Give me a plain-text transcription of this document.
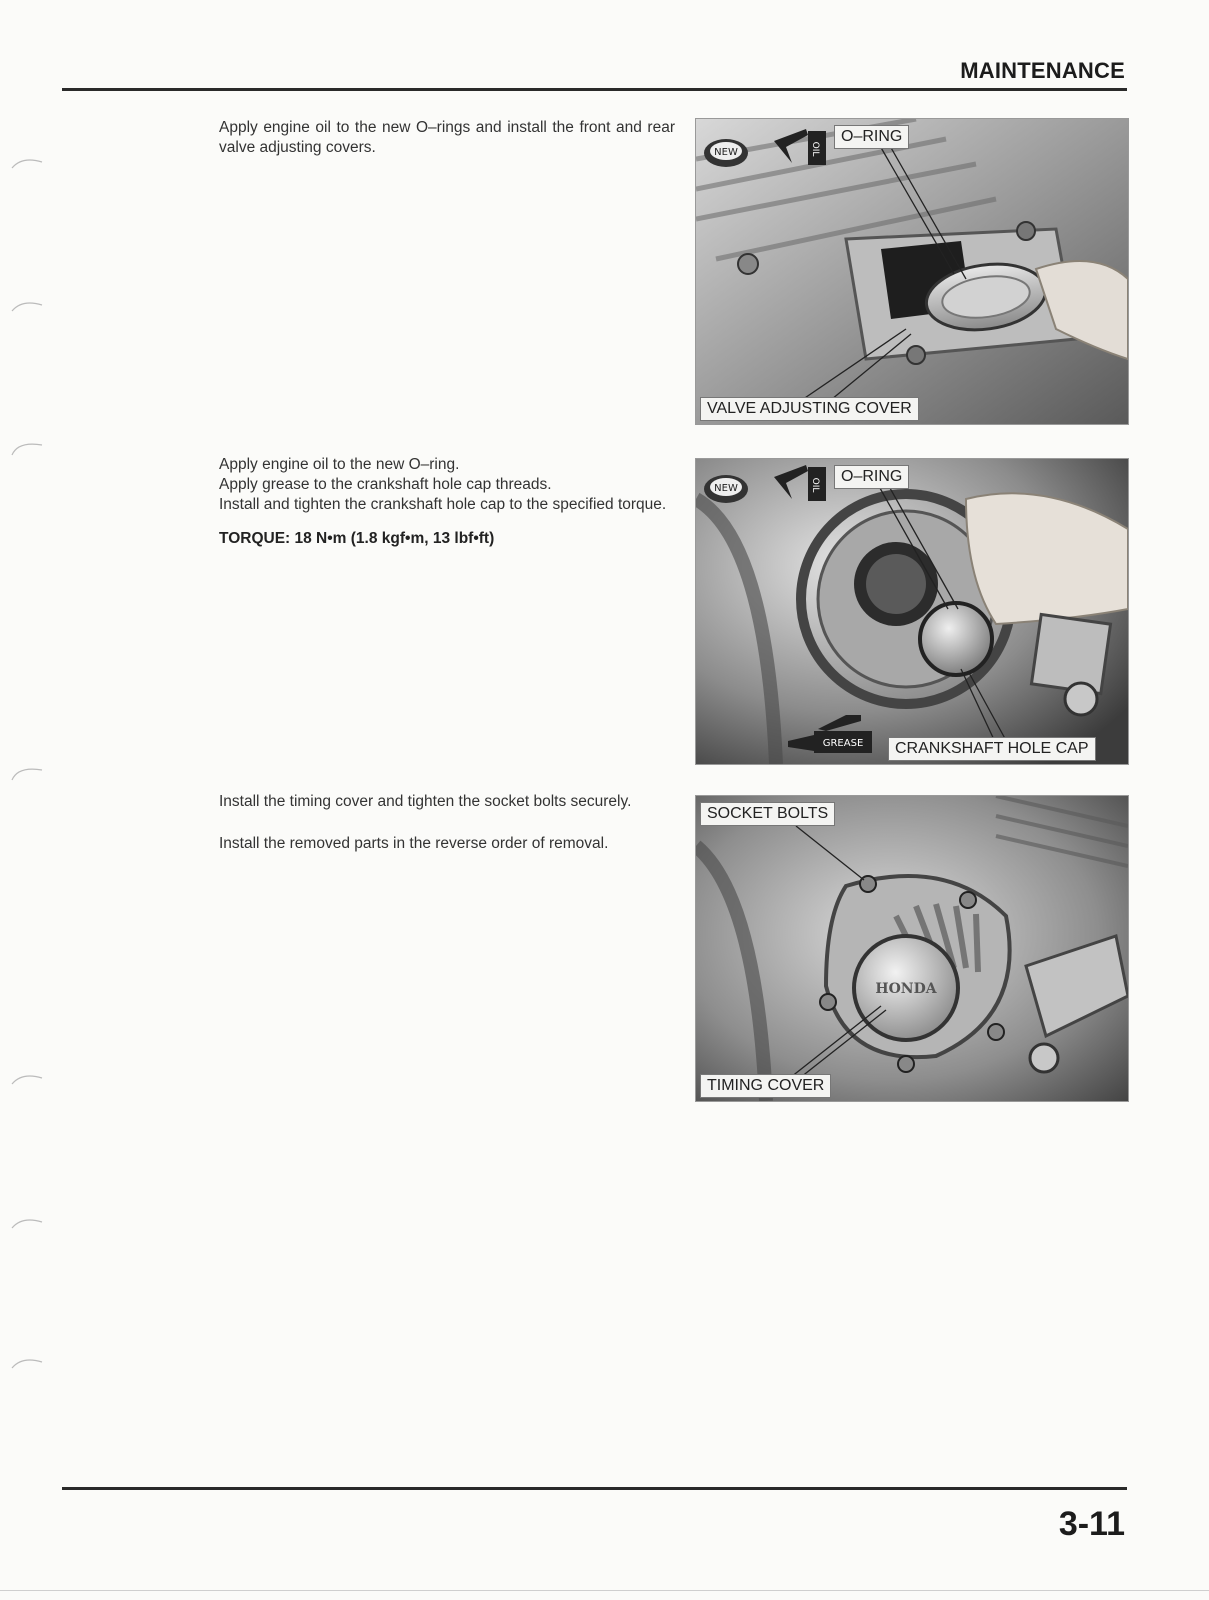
MAINTENANCE

Apply engine oil to the new O–rings and install the front and rear valve adjusting covers.	NEW	OIL
O–RING
VALVE ADJUSTING COVER

Apply engine oil to the new O–ring.

Apply grease to the crankshaft hole cap threads.

Install and tighten the crankshaft hole cap to the specified torque.

TORQUE: 18 N•m (1.8 kgf•m, 13 lbf•ft)

NEW	OIL
GREASE
O–RING
CRANKSHAFT HOLE CAP

Install the timing cover and tighten the socket bolts securely.

Install the removed parts in the reverse order of removal.

HONDA
SOCKET BOLTS
TIMING COVER
3-11
